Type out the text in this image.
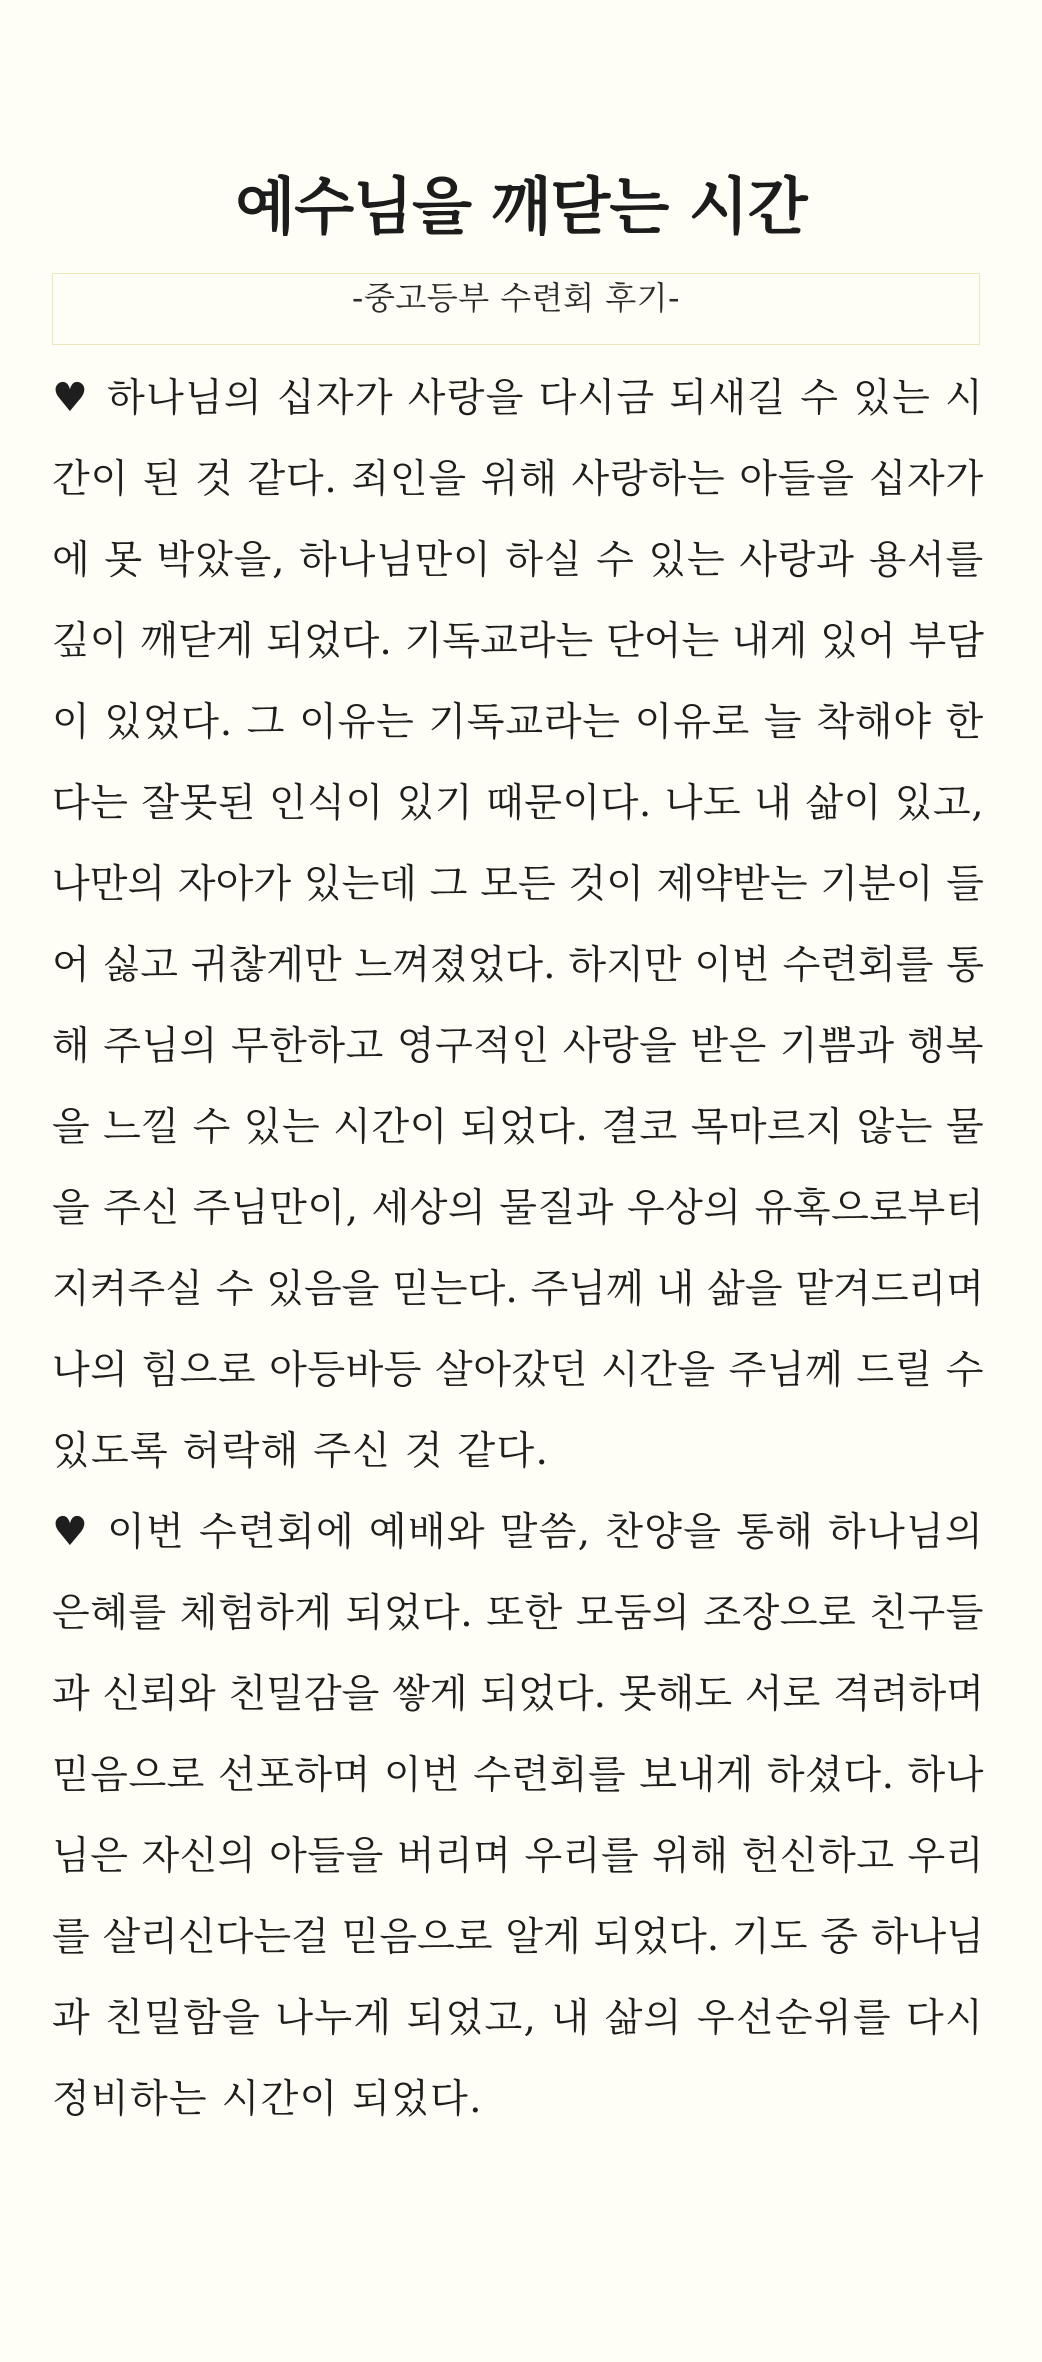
예수님을 깨닫는 시간
-중고등부 수련회 후기-

♥ 하나님의 십자가 사랑을 다시금 되새길 수 있는 시
간이 된 것 같다. 죄인을 위해 사랑하는 아들을 십자가
에 못 박았을, 하나님만이 하실 수 있는 사랑과 용서를
깊이 깨닫게 되었다. 기독교라는 단어는 내게 있어 부담
이 있었다. 그 이유는 기독교라는 이유로 늘 착해야 한
다는 잘못된 인식이 있기 때문이다. 나도 내 삶이 있고,
나만의 자아가 있는데 그 모든 것이 제약받는 기분이 들
어 싫고 귀찮게만 느껴졌었다. 하지만 이번 수련회를 통
해 주님의 무한하고 영구적인 사랑을 받은 기쁨과 행복
을 느낄 수 있는 시간이 되었다. 결코 목마르지 않는 물
을 주신 주님만이, 세상의 물질과 우상의 유혹으로부터
지켜주실 수 있음을 믿는다. 주님께 내 삶을 맡겨드리며
나의 힘으로 아등바등 살아갔던 시간을 주님께 드릴 수
있도록 허락해 주신 것 같다.

♥ 이번 수련회에 예배와 말씀, 찬양을 통해 하나님의
은혜를 체험하게 되었다. 또한 모둠의 조장으로 친구들
과 신뢰와 친밀감을 쌓게 되었다. 못해도 서로 격려하며
믿음으로 선포하며 이번 수련회를 보내게 하셨다. 하나
님은 자신의 아들을 버리며 우리를 위해 헌신하고 우리
를 살리신다는걸 믿음으로 알게 되었다. 기도 중 하나님
과 친밀함을 나누게 되었고, 내 삶의 우선순위를 다시
정비하는 시간이 되었다.
